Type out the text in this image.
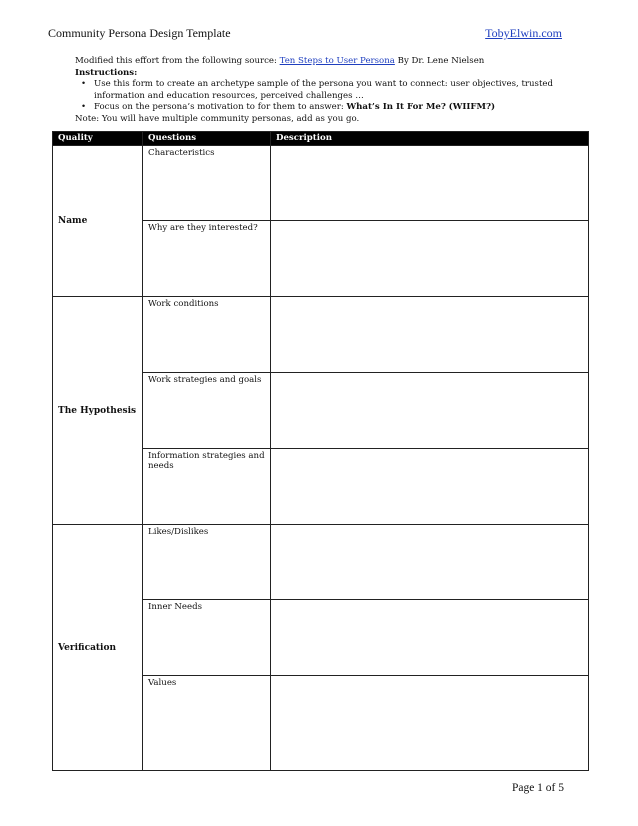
Community Persona Design Template	TobyElwin.com
Modified this effort from the following source: Ten Steps to User Persona By Dr. Lene Nielsen
Instructions:
• Use this form to create an archetype sample of the persona you want to connect: user objectives, trusted information and education resources, perceived challenges …
• Focus on the persona’s motivation to for them to answer: What’s In It For Me? (WIIFM?)
Note: You will have multiple community personas, add as you go.
Quality	Questions	Description
Name	Characteristics	
	Why are they interested?	
The Hypothesis	Work conditions	
	Work strategies and goals	
	Information strategies and needs	
Verification	Likes/Dislikes	
	Inner Needs	
	Values	
Page 1 of 5
